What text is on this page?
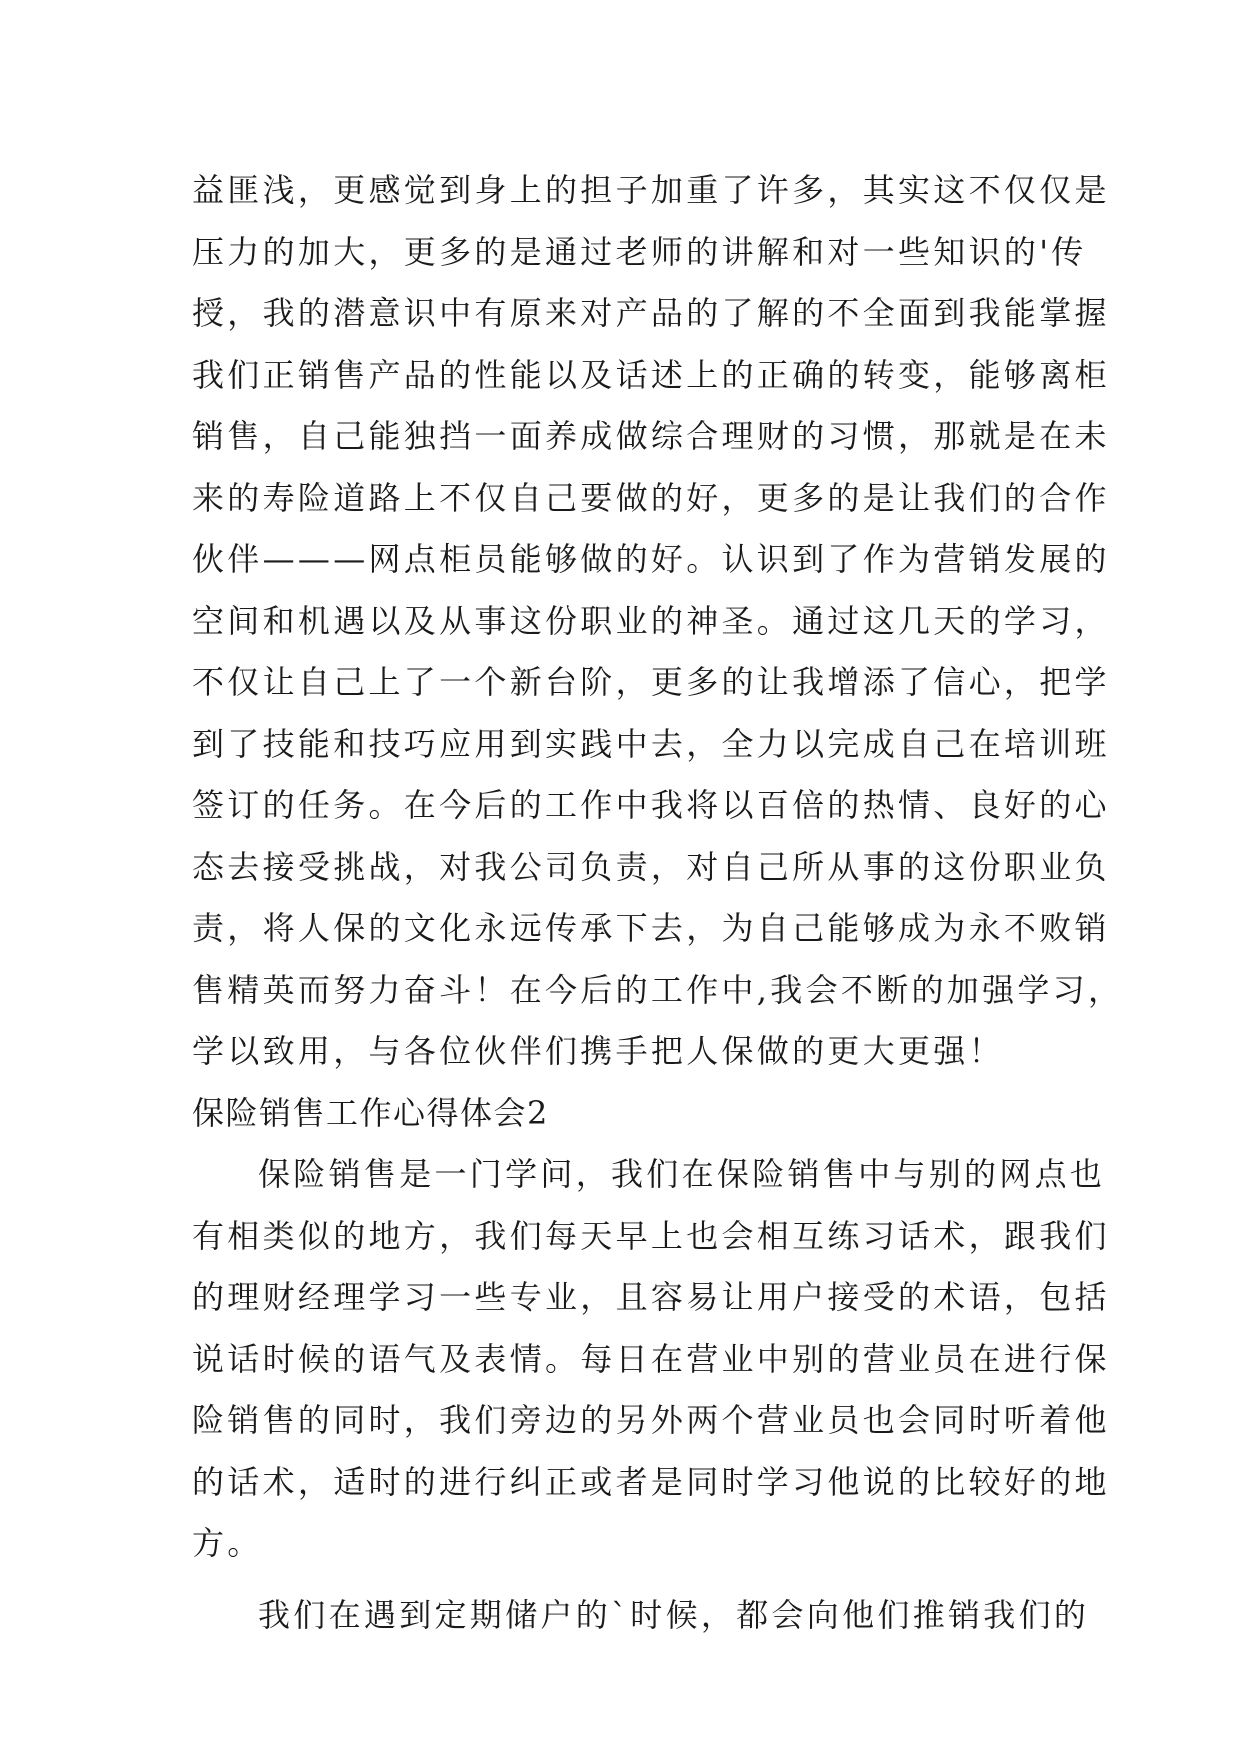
益匪浅，更感觉到身上的担子加重了许多，其实这不仅仅是
压力的加大，更多的是通过老师的讲解和对一些知识的'传
授，我的潜意识中有原来对产品的了解的不全面到我能掌握
我们正销售产品的性能以及话述上的正确的转变，能够离柜
销售，自己能独挡一面养成做综合理财的习惯，那就是在未
来的寿险道路上不仅自己要做的好，更多的是让我们的合作
伙伴———网点柜员能够做的好。认识到了作为营销发展的
空间和机遇以及从事这份职业的神圣。通过这几天的学习，
不仅让自己上了一个新台阶，更多的让我增添了信心，把学
到了技能和技巧应用到实践中去，全力以完成自己在培训班
签订的任务。在今后的工作中我将以百倍的热情、良好的心
态去接受挑战，对我公司负责，对自己所从事的这份职业负
责，将人保的文化永远传承下去，为自己能够成为永不败销
售精英而努力奋斗！在今后的工作中,我会不断的加强学习，
学以致用，与各位伙伴们携手把人保做的更大更强！
保险销售工作心得体会2
保险销售是一门学问，我们在保险销售中与别的网点也
有相类似的地方，我们每天早上也会相互练习话术，跟我们
的理财经理学习一些专业，且容易让用户接受的术语，包括
说话时候的语气及表情。每日在营业中别的营业员在进行保
险销售的同时，我们旁边的另外两个营业员也会同时听着他
的话术，适时的进行纠正或者是同时学习他说的比较好的地
方。
我们在遇到定期储户的`时候，都会向他们推销我们的
